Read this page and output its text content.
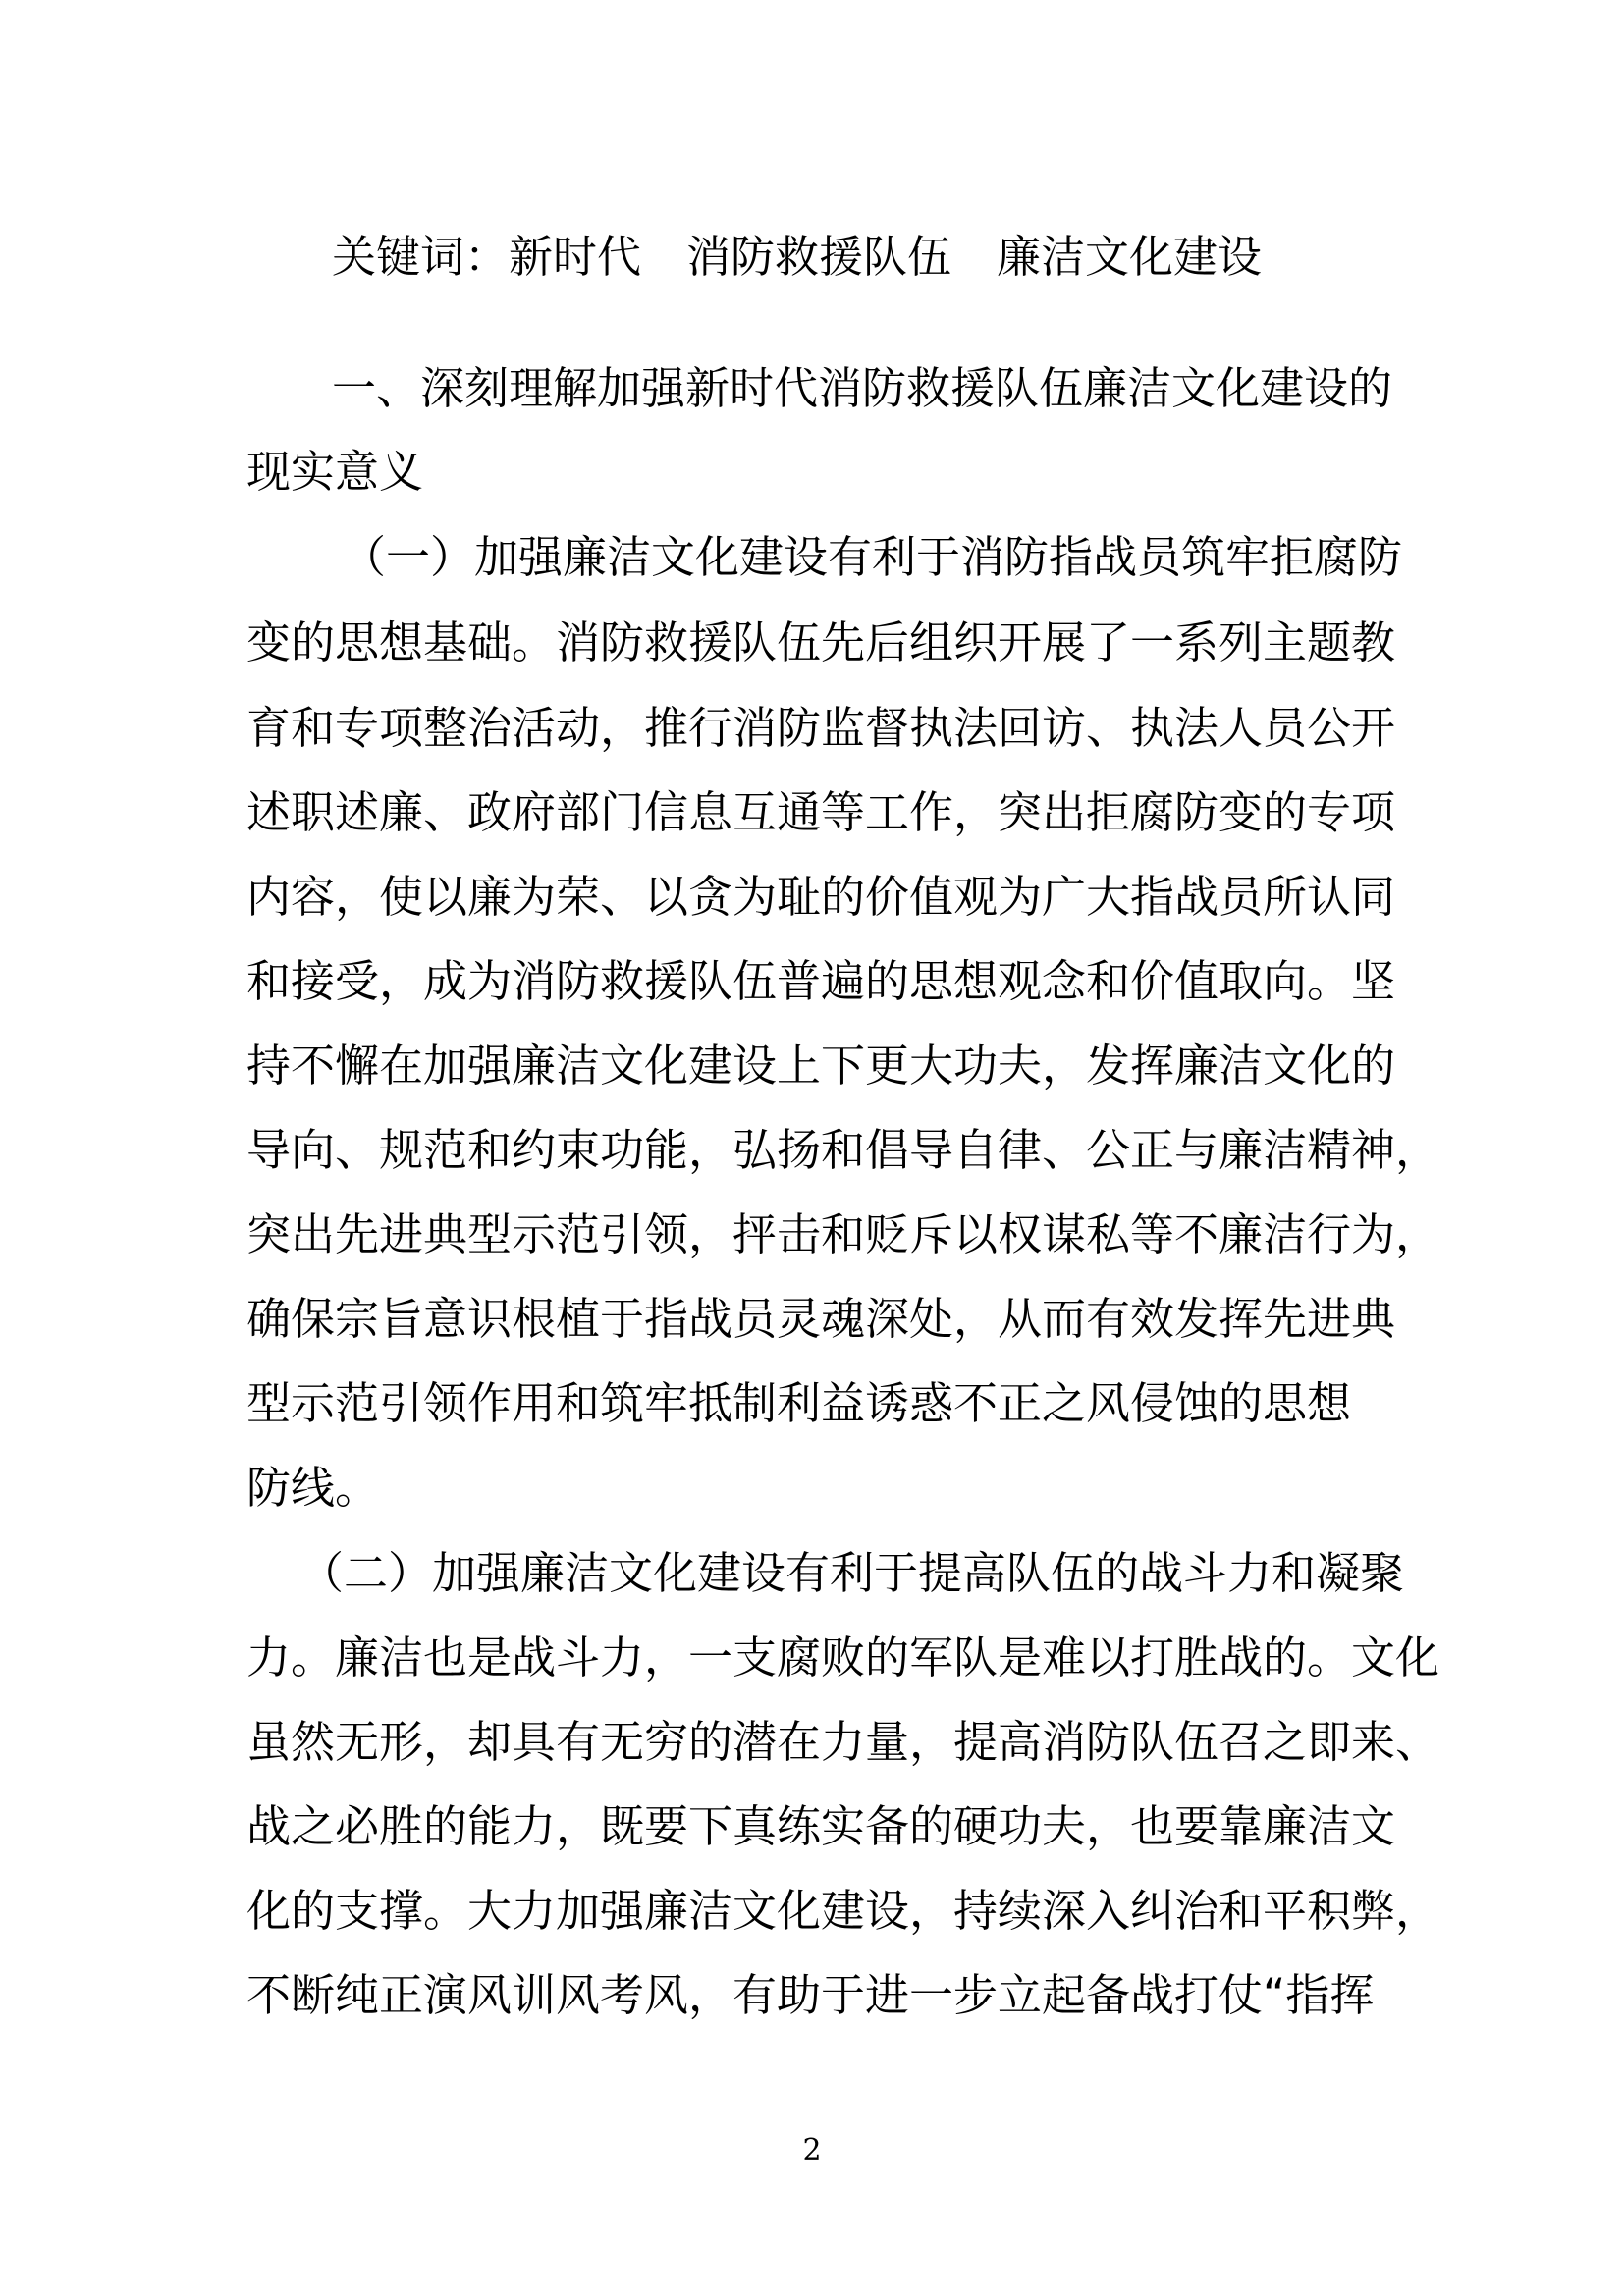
关键词：新时代 消防救援队伍 廉洁文化建设
一、深刻理解加强新时代消防救援队伍廉洁文化建设的
现实意义
（一）加强廉洁文化建设有利于消防指战员筑牢拒腐防
变的思想基础。消防救援队伍先后组织开展了一系列主题教
育和专项整治活动，推行消防监督执法回访、执法人员公开
述职述廉、政府部门信息互通等工作，突出拒腐防变的专项
内容，使以廉为荣、以贪为耻的价值观为广大指战员所认同
和接受，成为消防救援队伍普遍的思想观念和价值取向。坚
持不懈在加强廉洁文化建设上下更大功夫，发挥廉洁文化的
导向、规范和约束功能，弘扬和倡导自律、公正与廉洁精神，
突出先进典型示范引领，抨击和贬斥以权谋私等不廉洁行为，
确保宗旨意识根植于指战员灵魂深处，从而有效发挥先进典
型示范引领作用和筑牢抵制利益诱惑不正之风侵蚀的思想
防线。
（二）加强廉洁文化建设有利于提高队伍的战斗力和凝聚
力。廉洁也是战斗力，一支腐败的军队是难以打胜战的。文化
虽然无形，却具有无穷的潜在力量，提高消防队伍召之即来、
战之必胜的能力，既要下真练实备的硬功夫，也要靠廉洁文
化的支撑。大力加强廉洁文化建设，持续深入纠治和平积弊，
不断纯正演风训风考风，有助于进一步立起备战打仗“指挥
2
